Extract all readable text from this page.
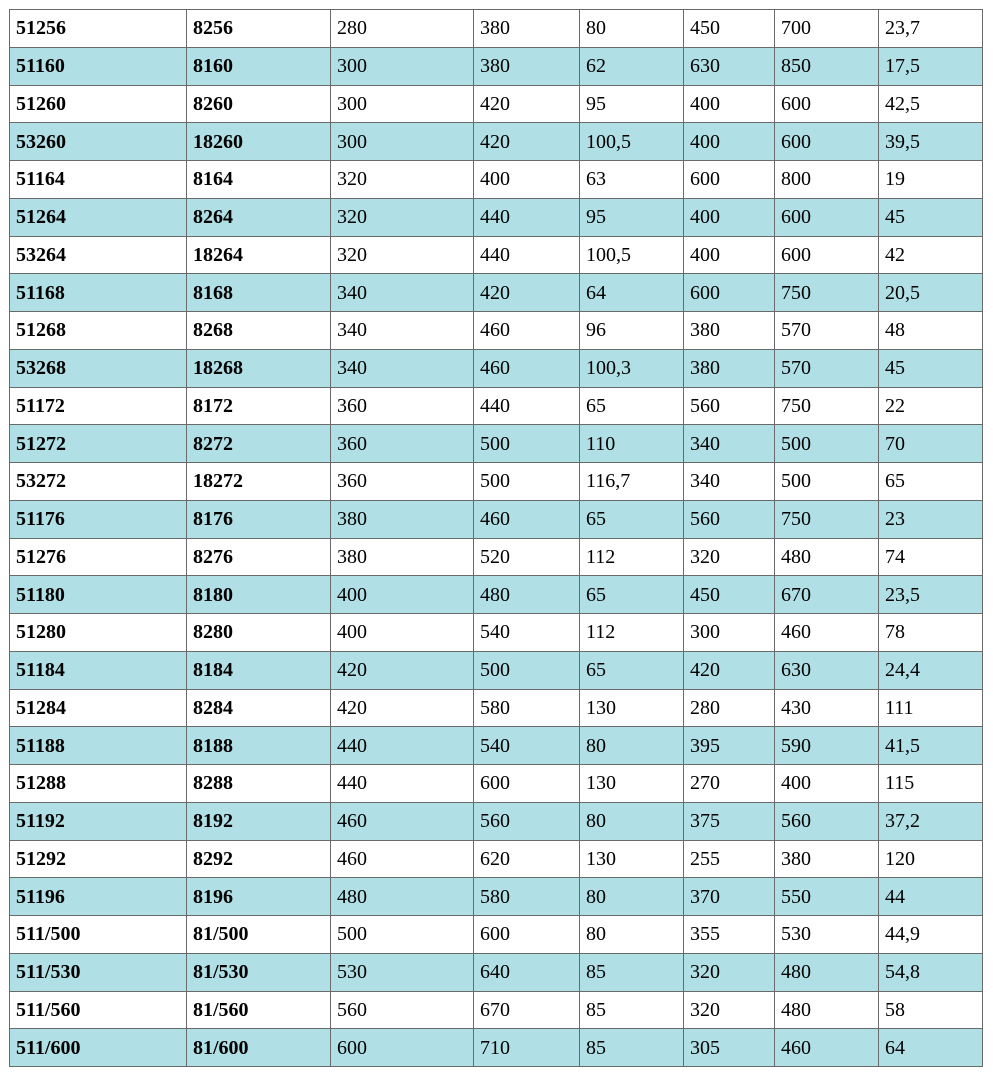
51256	8256	280	380	80	450	700	23,7
51160	8160	300	380	62	630	850	17,5
51260	8260	300	420	95	400	600	42,5
53260	18260	300	420	100,5	400	600	39,5
51164	8164	320	400	63	600	800	19
51264	8264	320	440	95	400	600	45
53264	18264	320	440	100,5	400	600	42
51168	8168	340	420	64	600	750	20,5
51268	8268	340	460	96	380	570	48
53268	18268	340	460	100,3	380	570	45
51172	8172	360	440	65	560	750	22
51272	8272	360	500	110	340	500	70
53272	18272	360	500	116,7	340	500	65
51176	8176	380	460	65	560	750	23
51276	8276	380	520	112	320	480	74
51180	8180	400	480	65	450	670	23,5
51280	8280	400	540	112	300	460	78
51184	8184	420	500	65	420	630	24,4
51284	8284	420	580	130	280	430	111
51188	8188	440	540	80	395	590	41,5
51288	8288	440	600	130	270	400	115
51192	8192	460	560	80	375	560	37,2
51292	8292	460	620	130	255	380	120
51196	8196	480	580	80	370	550	44
511/500	81/500	500	600	80	355	530	44,9
511/530	81/530	530	640	85	320	480	54,8
511/560	81/560	560	670	85	320	480	58
511/600	81/600	600	710	85	305	460	64
